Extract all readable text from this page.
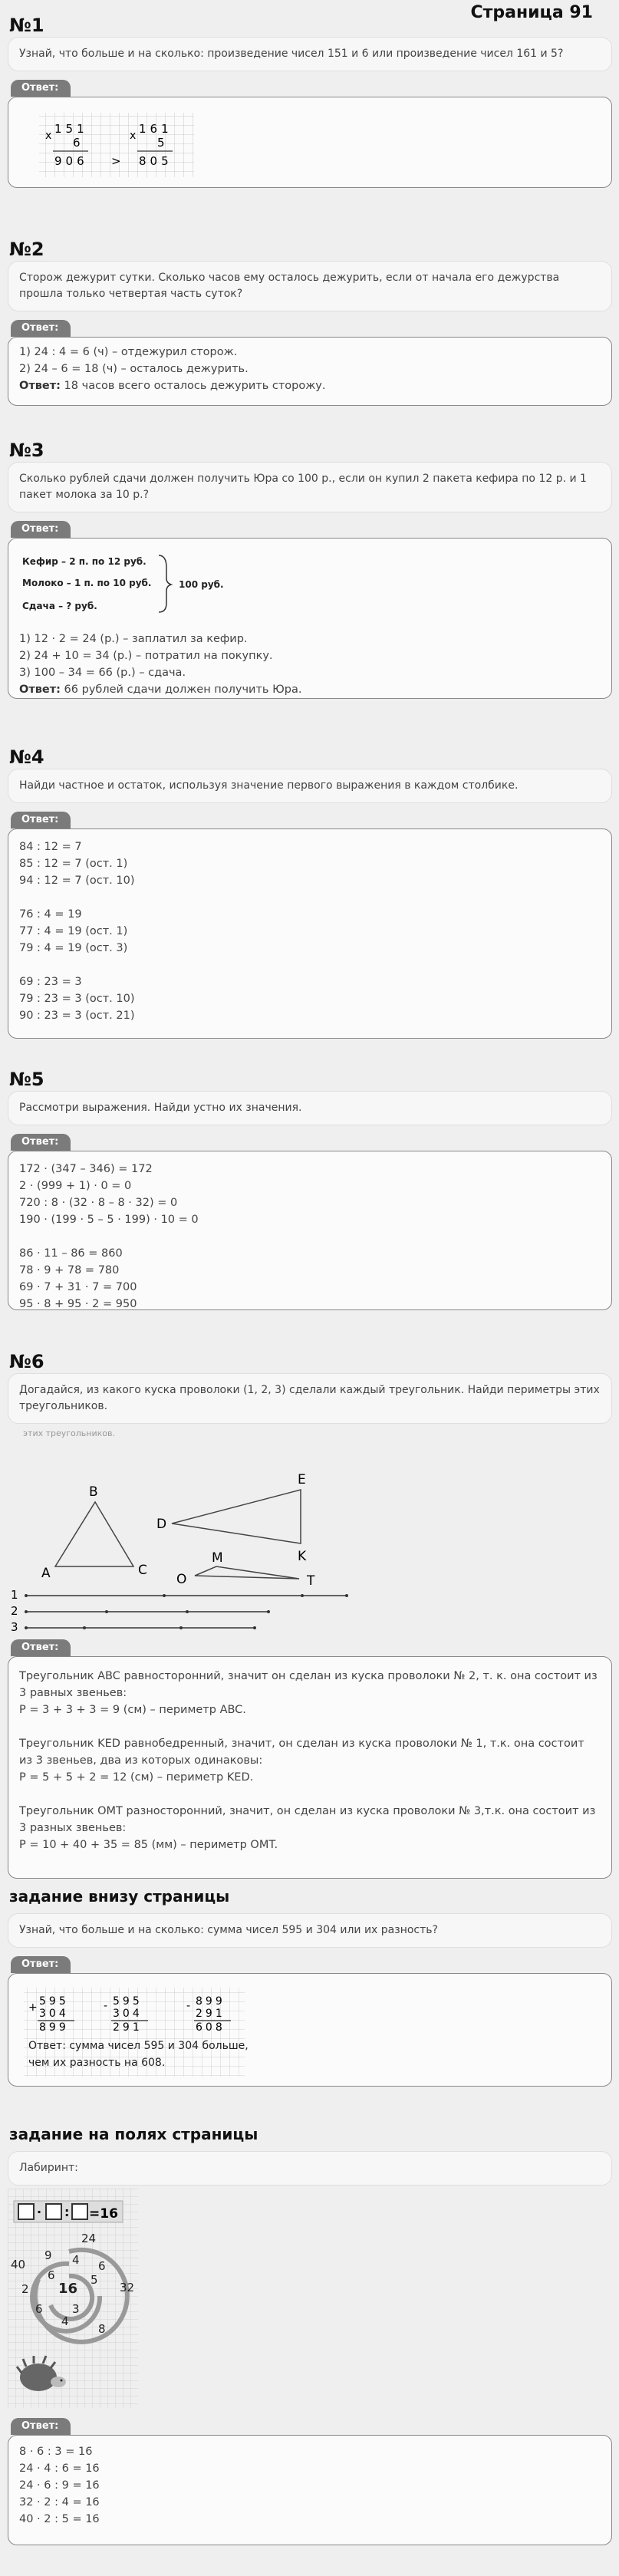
Страница 91
№1
Узнай, что больше и на сколько: произведение чисел 151 и 6 или произведение чисел 161 и 5?
Ответ:
x 151
6
906 >
x 161
5
805
№2
Сторож дежурит сутки. Сколько часов ему осталось дежурить, если от начала его дежурства прошла только четвертая часть суток?
Ответ:
1) 24 : 4 = 6 (ч) – отдежурил сторож.
2) 24 – 6 = 18 (ч) – осталось дежурить.
Ответ: 18 часов всего осталось дежурить сторожу.
№3
Сколько рублей сдачи должен получить Юра со 100 р., если он купил 2 пакета кефира по 12 р. и 1 пакет молока за 10 р.?
Ответ:
Кефир – 2 п. по 12 руб.
Молоко – 1 п. по 10 руб.
Сдача – ? руб.
100 руб.
1) 12 · 2 = 24 (р.) – заплатил за кефир.
2) 24 + 10 = 34 (р.) – потратил на покупку.
3) 100 – 34 = 66 (р.) – сдача.
Ответ: 66 рублей сдачи должен получить Юра.
№4
Найди частное и остаток, используя значение первого выражения в каждом столбике.
Ответ:
84 : 12 = 7
85 : 12 = 7 (ост. 1)
94 : 12 = 7 (ост. 10)
76 : 4 = 19
77 : 4 = 19 (ост. 1)
79 : 4 = 19 (ост. 3)
69 : 23 = 3
79 : 23 = 3 (ост. 10)
90 : 23 = 3 (ост. 21)
№5
Рассмотри выражения. Найди устно их значения.
Ответ:
172 · (347 – 346) = 172
2 · (999 + 1) · 0 = 0
720 : 8 · (32 · 8 – 8 · 32) = 0
190 · (199 · 5 – 5 · 199) · 10 = 0
86 · 11 – 86 = 860
78 · 9 + 78 = 780
69 · 7 + 31 · 7 = 700
95 · 8 + 95 · 2 = 950
№6
Догадайся, из какого куска проволоки (1, 2, 3) сделали каждый треугольник. Найди периметры этих треугольников.
этих треугольников.
A
B
C
D
E
K
M
O	T
1
2
3
Ответ:
Треугольник ABC равносторонний, значит он сделан из куска проволоки № 2, т. к. она состоит из 3 равных звеньев:
P = 3 + 3 + 3 = 9 (см) – периметр ABC.
Треугольник KED равнобедренный, значит, он сделан из куска проволоки № 1, т.к. она состоит из 3 звеньев, два из которых одинаковы:
P = 5 + 5 + 2 = 12 (см) – периметр KED.
Треугольник OMT разносторонний, значит, он сделан из куска проволоки № 3,т.к. она состоит из 3 разных звеньев:
P = 10 + 40 + 35 = 85 (мм) – периметр OMT.
задание внизу страницы
Узнай, что больше и на сколько: сумма чисел 595 и 304 или их разность?
Ответ:
+ 595
304
899
- 595
304
291
- 899
291
608
Ответ: сумма чисел 595 и 304 больше,
чем их разность на 608.
задание на полях страницы
Лабиринт:
· : =16
24
9 4 6
40
6	5
16	32
2
6	3
4
8
Ответ:
8 · 6 : 3 = 16
24 · 4 : 6 = 16
24 · 6 : 9 = 16
32 · 2 : 4 = 16
40 · 2 : 5 = 16
